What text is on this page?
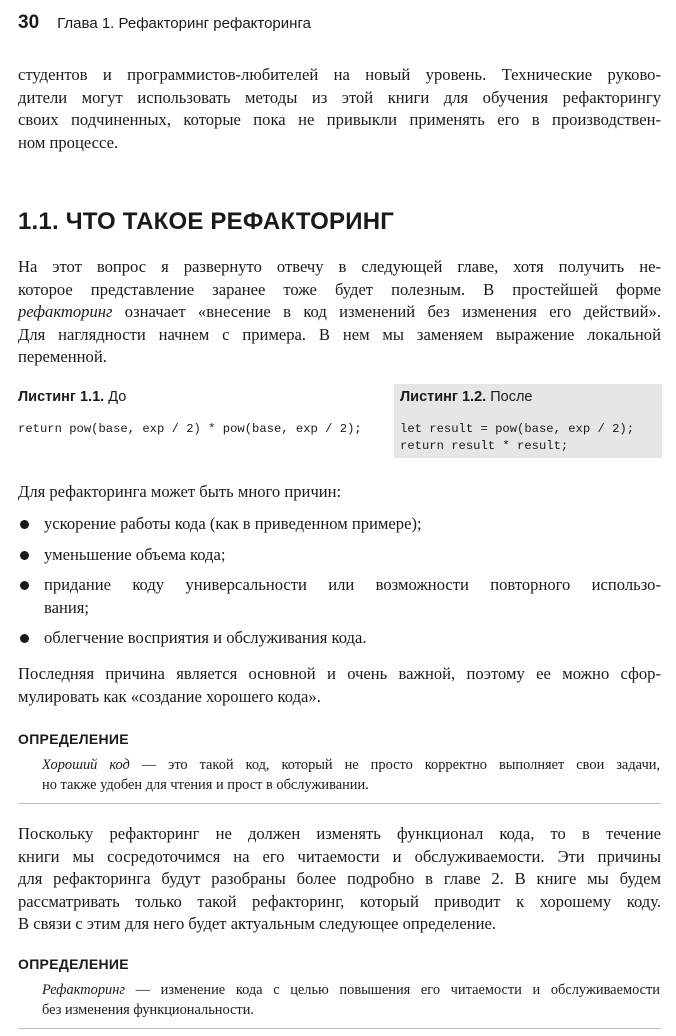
30 Глава 1. Рефакторинг рефакторинга
студентов и программистов-любителей на новый уровень. Технические руково-
дители могут использовать методы из этой книги для обучения рефакторингу
своих подчиненных, которые пока не привыкли применять его в производствен-
ном процессе.
1.1. ЧТО ТАКОЕ РЕФАКТОРИНГ
На этот вопрос я развернуто отвечу в следующей главе, хотя получить не-
которое представление заранее тоже будет полезным. В простейшей форме
рефакторинг означает «внесение в код изменений без изменения его действий».
Для наглядности начнем с примера. В нем мы заменяем выражение локальной
переменной.
Листинг 1.1. До
return pow(base, exp / 2) * pow(base, exp / 2);
Листинг 1.2. После
let result = pow(base, exp / 2);
return result * result;
Для рефакторинга может быть много причин:
ускорение работы кода (как в приведенном примере);
уменьшение объема кода;
придание коду универсальности или возможности повторного использо-
вания;
облегчение восприятия и обслуживания кода.
Последняя причина является основной и очень важной, поэтому ее можно сфор-
мулировать как «создание хорошего кода».
ОПРЕДЕЛЕНИЕ
Хороший код — это такой код, который не просто корректно выполняет свои задачи,
но также удобен для чтения и прост в обслуживании.
Поскольку рефакторинг не должен изменять функционал кода, то в течение
книги мы сосредоточимся на его читаемости и обслуживаемости. Эти причины
для рефакторинга будут разобраны более подробно в главе 2. В книге мы будем
рассматривать только такой рефакторинг, который приводит к хорошему коду.
В связи с этим для него будет актуальным следующее определение.
ОПРЕДЕЛЕНИЕ
Рефакторинг — изменение кода с целью повышения его читаемости и обслуживаемости
без изменения функциональности.
